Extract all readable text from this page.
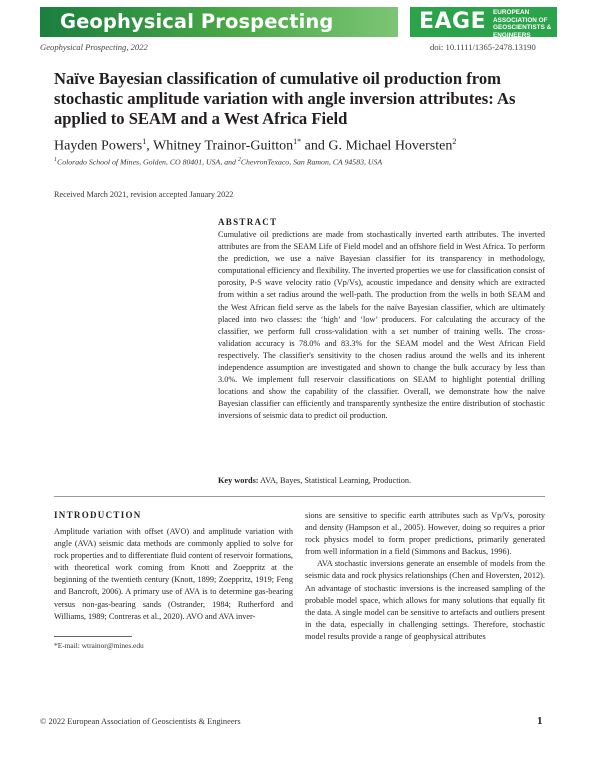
Geophysical Prospecting	EAGE EUROPEAN
ASSOCIATION OF
GEOSCIENTISTS &
ENGINEERS
Geophysical Prospecting, 2022	doi: 10.1111/1365-2478.13190
Naïve Bayesian classification of cumulative oil production from stochastic amplitude variation with angle inversion attributes: As applied to SEAM and a West Africa Field
Hayden Powers$^1$, Whitney Trainor-Guitton$^{1*}$ and G. Michael Hoversten$^2$
$^1$Colorado School of Mines, Golden, CO 80401, USA, and $^2$ChevronTexaco, San Ramon, CA 94583, USA
Received March 2021, revision accepted January 2022
ABSTRACT
Cumulative oil predictions are made from stochastically inverted earth attributes. The inverted attributes are from the SEAM Life of Field model and an offshore field in West Africa. To perform the prediction, we use a naïve Bayesian classifier for its transparency in methodology, computational efficiency and flexibility. The inverted properties we use for classification consist of porosity, P-S wave velocity ratio (Vp/Vs), acoustic impedance and density which are extracted from within a set radius around the well-path. The production from the wells in both SEAM and the West African field serve as the labels for the naïve Bayesian classifier, which are ultimately placed into two classes: the ‘high’ and ‘low’ producers. For calculating the accuracy of the classifier, we perform full cross-validation with a set number of training wells. The cross-validation accuracy is 78.0% and 83.3% for the SEAM model and the West African Field respectively. The classifier's sensitivity to the chosen radius around the wells and its inherent independence assumption are investigated and shown to change the bulk accuracy by less than 3.0%. We implement full reservoir classifications on SEAM to highlight potential drilling locations and show the capability of the classifier. Overall, we demonstrate how the naïve Bayesian classifier can efficiently and transparently synthesize the entire distribution of stochastic inversions of seismic data to predict oil production.
Key words: AVA, Bayes, Statistical Learning, Production.
INTRODUCTION

Amplitude variation with offset (AVO) and amplitude variation with angle (AVA) seismic data methods are commonly applied to solve for rock properties and to differentiate fluid content of reservoir formations, with theoretical work coming from Knott and Zoeppritz at the beginning of the twentieth century (Knott, 1899; Zoeppritz, 1919; Feng and Bancroft, 2006). A primary use of AVA is to determine gas-bearing versus non-gas-bearing sands (Ostrander, 1984; Rutherford and Williams, 1989; Contreras et al., 2020). AVO and AVA inver-

sions are sensitive to specific earth attributes such as Vp/Vs, porosity and density (Hampson et al., 2005). However, doing so requires a prior rock physics model to form proper predictions, primarily generated from well information in a field (Simmons and Backus, 1996).

AVA stochastic inversions generate an ensemble of models from the seismic data and rock physics relationships (Chen and Hoversten, 2012). An advantage of stochastic inversions is the increased sampling of the probable model space, which allows for many solutions that equally fit the data. A single model can be sensitive to artefacts and outliers present in the data, especially in challenging settings. Therefore, stochastic model results provide a range of geophysical attributes

*E-mail: wtrainor@mines.edu
© 2022 European Association of Geoscientists & Engineers	1
